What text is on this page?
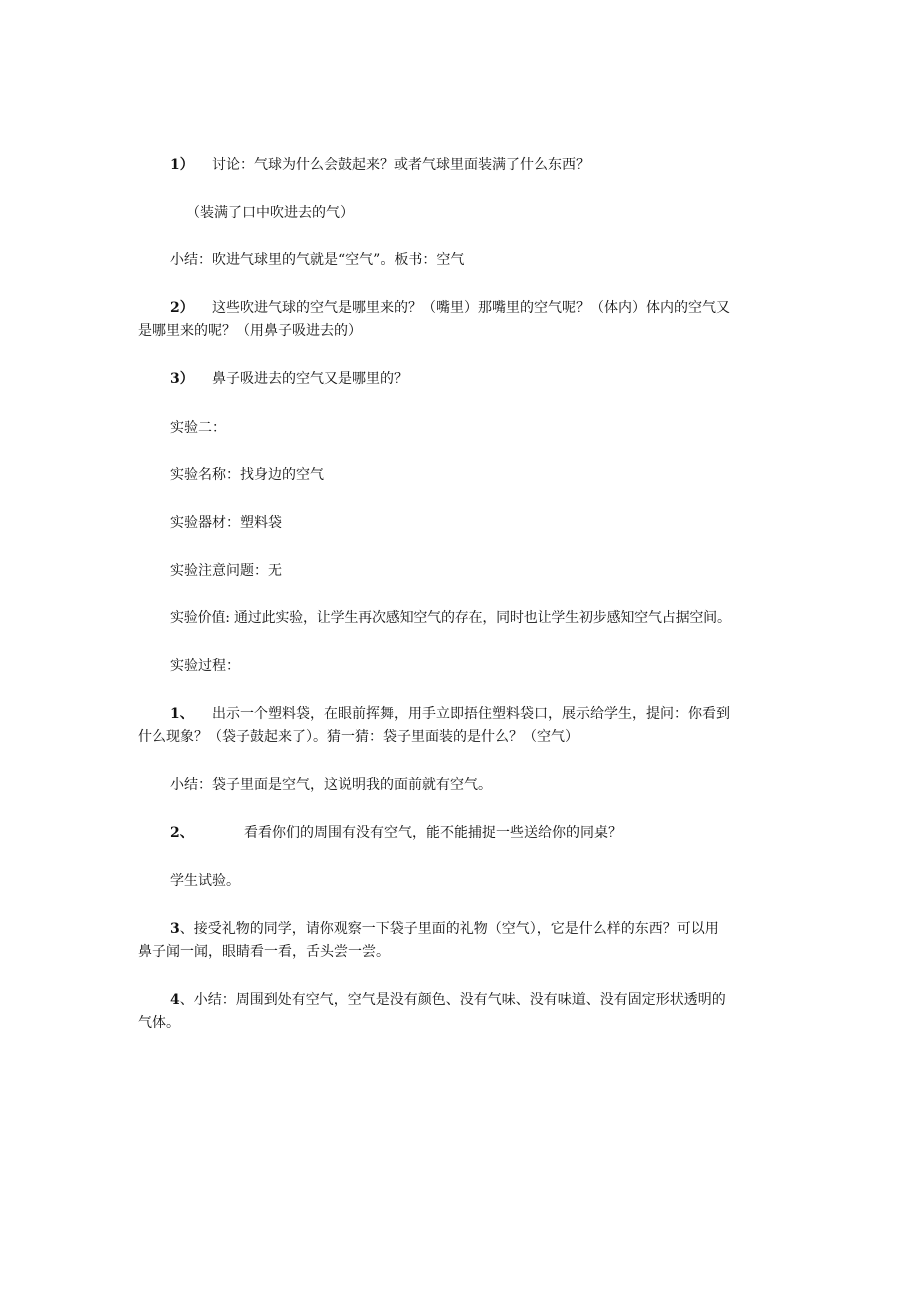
1） 讨论：气球为什么会鼓起来？或者气球里面装满了什么东西？

（装满了口中吹进去的气）

小结：吹进气球里的气就是“空气”。板书：空气

2） 这些吹进气球的空气是哪里来的？（嘴里）那嘴里的空气呢？（体内）体内的空气又
是哪里来的呢？（用鼻子吸进去的）

3） 鼻子吸进去的空气又是哪里的？

实验二：

实验名称：找身边的空气

实验器材：塑料袋

实验注意问题：无

实验价值: 通过此实验，让学生再次感知空气的存在，同时也让学生初步感知空气占据空间。

实验过程：

1、 出示一个塑料袋，在眼前挥舞，用手立即捂住塑料袋口，展示给学生，提问：你看到
什么现象？（袋子鼓起来了）。猜一猜：袋子里面装的是什么？（空气）

小结：袋子里面是空气，这说明我的面前就有空气。

2、	看看你们的周围有没有空气，能不能捕捉一些送给你的同桌？

学生试验。

3、接受礼物的同学，请你观察一下袋子里面的礼物（空气），它是什么样的东西？可以用
鼻子闻一闻，眼睛看一看，舌头尝一尝。
4、小结：周围到处有空气，空气是没有颜色、没有气味、没有味道、没有固定形状透明的
气体。
